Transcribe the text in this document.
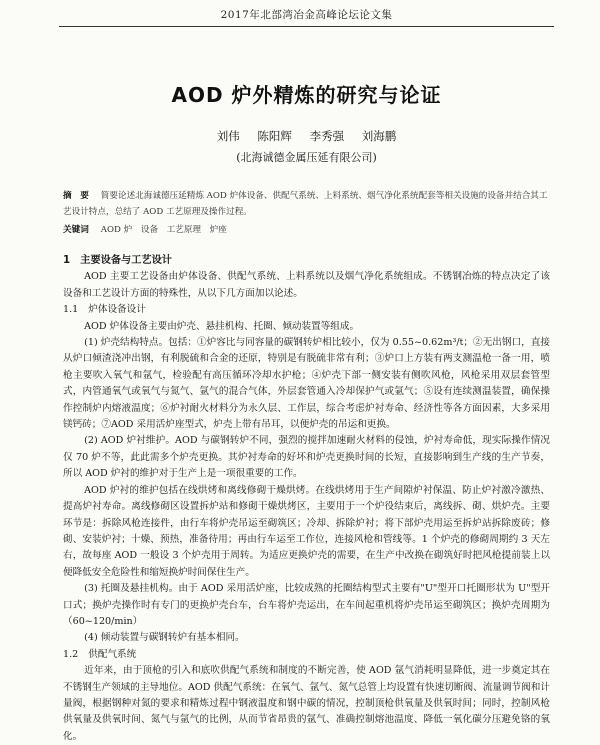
2017年北部湾冶金高峰论坛论文集
AOD 炉外精炼的研究与论证
刘伟 陈阳辉 李秀强 刘海鹏
(北海诚德金属压延有限公司)
摘　要 简要论述北海诚德压延精炼 AOD 炉体设备、供配气系统、上料系统、烟气净化系统配套等相关设施的设备并结合其工艺设计特点，总结了 AOD 工艺原理及操作过程。
关键词 AOD 炉　设备　工艺原理　炉座
1　主要设备与工艺设计

AOD 主要工艺设备由炉体设备、供配气系统、上料系统以及烟气净化系统组成。不锈钢冶炼的特点决定了该设备和工艺设计方面的特殊性，从以下几方面加以论述。

1.1 炉体设备设计

AOD 炉体设备主要由炉壳、悬挂机构、托圈、倾动装置等组成。

(1) 炉壳结构特点。包括：①炉容比与同容量的碳钢转炉相比较小，仅为 0.55~0.62m³/t；②无出钢口，直接从炉口倾渣浇冲出钢，有利脱硫和合金的还原，特别是有脱硫非常有利；③炉口上方装有两支测温枪一备一用，喷枪主要吹入氧气和氩气，检验配有高压循环冷却水护枪；④炉壳下部一侧安装有侧吹风枪，风枪采用双层套管型式，内管通氧气或氧气与氮气、氩气的混合气体，外层套管通入冷却保护气或氩气；⑤设有连续测温装置，确保操作控制炉内熔液温度；⑥炉衬耐火材料分为永久层、工作层，综合考虑炉衬寿命、经济性等各方面因素，大多采用镁钙砖；⑦AOD 采用活炉座型式，炉壳上带有吊耳，以便炉壳的吊运和更换。

(2) AOD 炉衬维护。AOD 与碳钢转炉不同，强烈的搅拌加速耐火材料的侵蚀，炉衬寿命低，现实际操作情况仅 70 炉不等，此此需多个炉壳更换。其炉衬寿命的好坏和炉壳更换时间的长短，直接影响到生产线的生产节奏，所以 AOD 炉衬的维护对于生产上是一项很重要的工作。

AOD 炉衬的维护包括在线烘烤和离线修砌干燥烘烤。在线烘烤用于生产间隙炉衬保温、防止炉衬激冷激热、提高炉衬寿命。离线修砌区设置拆炉站和修砌干燥烘烤区，主要用于一个炉役结束后，离线拆、砌、烘炉壳。主要环节是：拆除风枪连接件，由行车将炉壳吊运至砌筑区；冷却、拆除炉衬；将下部炉壳用运至拆炉站拆除废砖；修砌、安装炉衬；十燥、预热，准备待用；再由行车运至工作位，连接风枪和管线等。1 个炉壳的修砌周期约 3 天左右，故每座 AOD 一般设 3 个炉壳用于周转。为适应更换炉壳的需要，在生产中改换在砌筑好时把风枪提前装上以便降低安全危险性和缩短换炉时间保住生产。

(3) 托圈及悬挂机构。由于 AOD 采用活炉座，比较成熟的托圈结构型式主要有"U"型开口托圈形状为 U"型开口式；换炉壳操作时有专门的更换炉壳台车，台车将炉壳运出，在车间起重机将炉壳吊运至砌筑区；换炉壳周期为（60~120/min）

(4) 倾动装置与碳钢转炉有基本相同。

1.2 供配气系统

近年来，由于顶枪的引入和底吹供配气系统和制度的不断完善，使 AOD 氩气消耗明显降低，进一步奠定其在不锈钢生产领域的主导地位。AOD 供配气系统：在氧气、氩气、氮气总管上均设置有快速切断阀、流量调节阀和计量阀，根据钢种对氮的要求和精炼过程中钢液温度和钢中碳的情况，控制顶枪供氧量及供氧时间；同时，控制风枪供氧量及供氧时间、氮气与氩气的比例，从而节省昂贵的氩气、准确控制熔池温度、降低一氧化碳分压避免铬的氧化。
